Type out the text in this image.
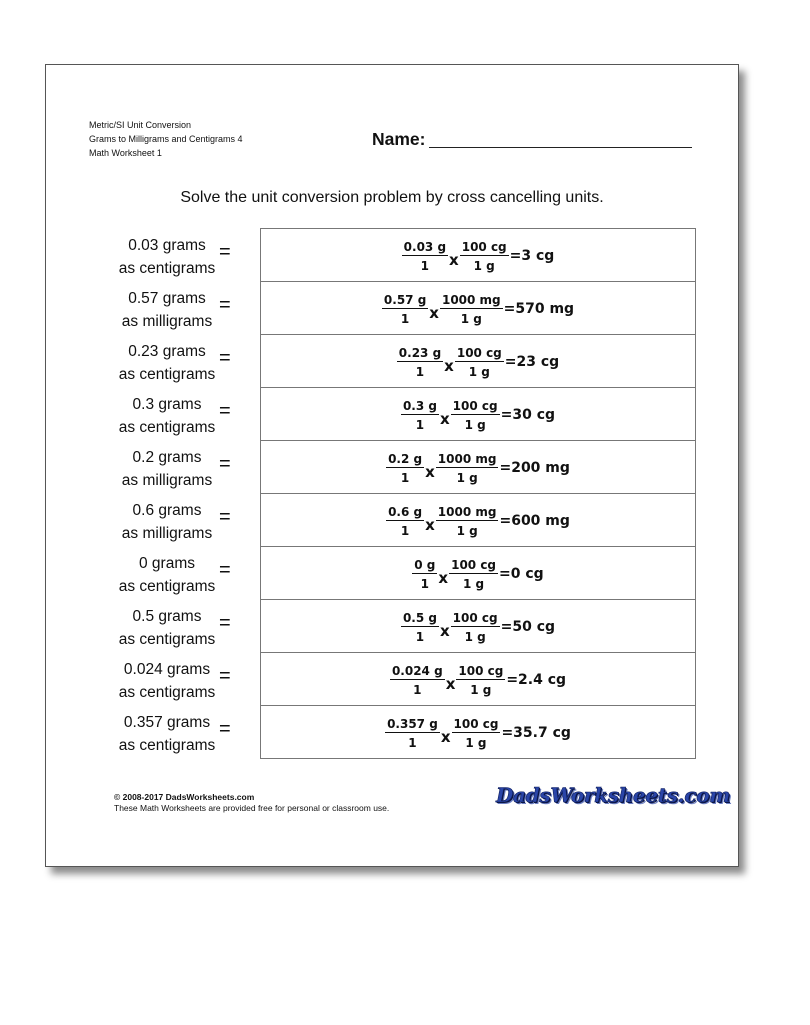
Metric/SI Unit Conversion
Grams to Milligrams and Centigrams 4
Math Worksheet 1
Name:
Solve the unit conversion problem by cross cancelling units.
0.03 grams
as centigrams
=	$\frac{0.03 g}{1}$ x $\frac{100 cg}{1 g} =3$ cg
0.57 grams
as milligrams
=	$\frac{0.57 g}{1}$ x $\frac{1000 mg}{1 g} =570$ mg
0.23 grams
as centigrams
=	$\frac{0.23 g}{1}$ x $\frac{100 cg}{1 g} =23$ cg
0.3 grams
as centigrams
=	$\frac{0.3 g}{1}$ x $\frac{100 cg}{1 g} =30$ cg
0.2 grams
as milligrams
=	$\frac{0.2 g}{1}$ x $\frac{1000 mg}{1 g} =200$ mg
0.6 grams
as milligrams
=	$\frac{0.6 g}{1}$ x $\frac{1000 mg}{1 g} =600$ mg
0 grams
as centigrams
=	$\frac{0 g}{1}$ x $\frac{100 cg}{1 g} =0$ cg
0.5 grams
as centigrams
=	$\frac{0.5 g}{1}$ x $\frac{100 cg}{1 g} =50$ cg
0.024 grams
as centigrams
=	$\frac{0.024 g}{1}$ x $\frac{100 cg}{1 g} =2.4$ cg
0.357 grams
as centigrams
=	$\frac{0.357 g}{1}$ x $\frac{100 cg}{1 g} =35.7$ cg
© 2008-2017 DadsWorksheets.com
These Math Worksheets are provided free for personal or classroom use.
DadsWorksheets.com
